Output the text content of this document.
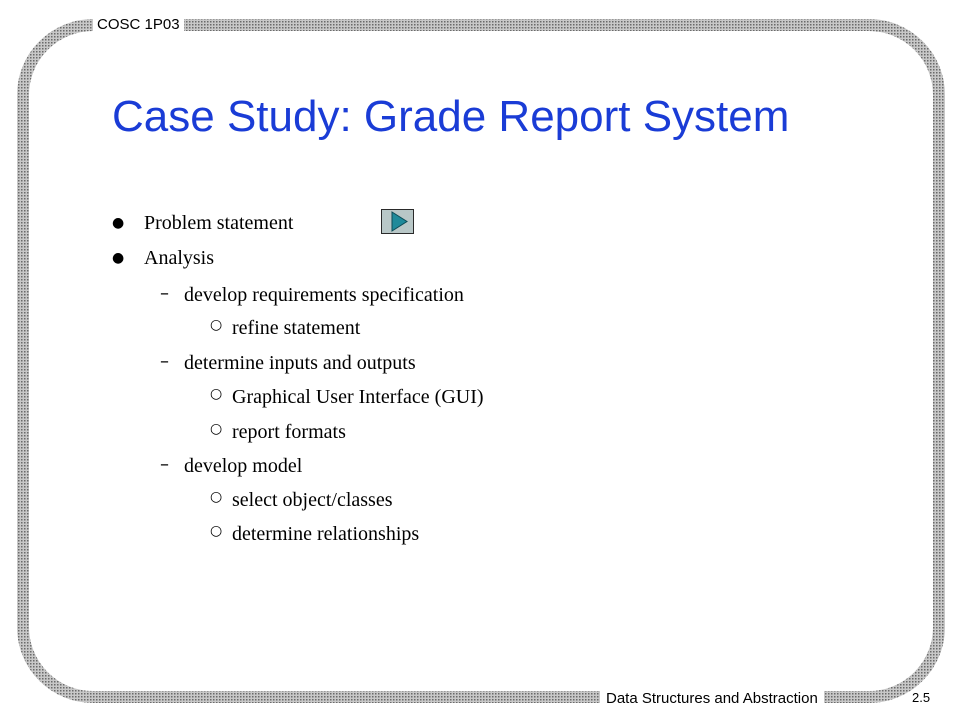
COSC 1P03
Case Study: Grade Report System
● Problem statement
● Analysis
– develop requirements specification
○ refine statement
– determine inputs and outputs
○ Graphical User Interface (GUI)
○ report formats
– develop model
○ select object/classes
○ determine relationships
Data Structures and Abstraction	2.5
